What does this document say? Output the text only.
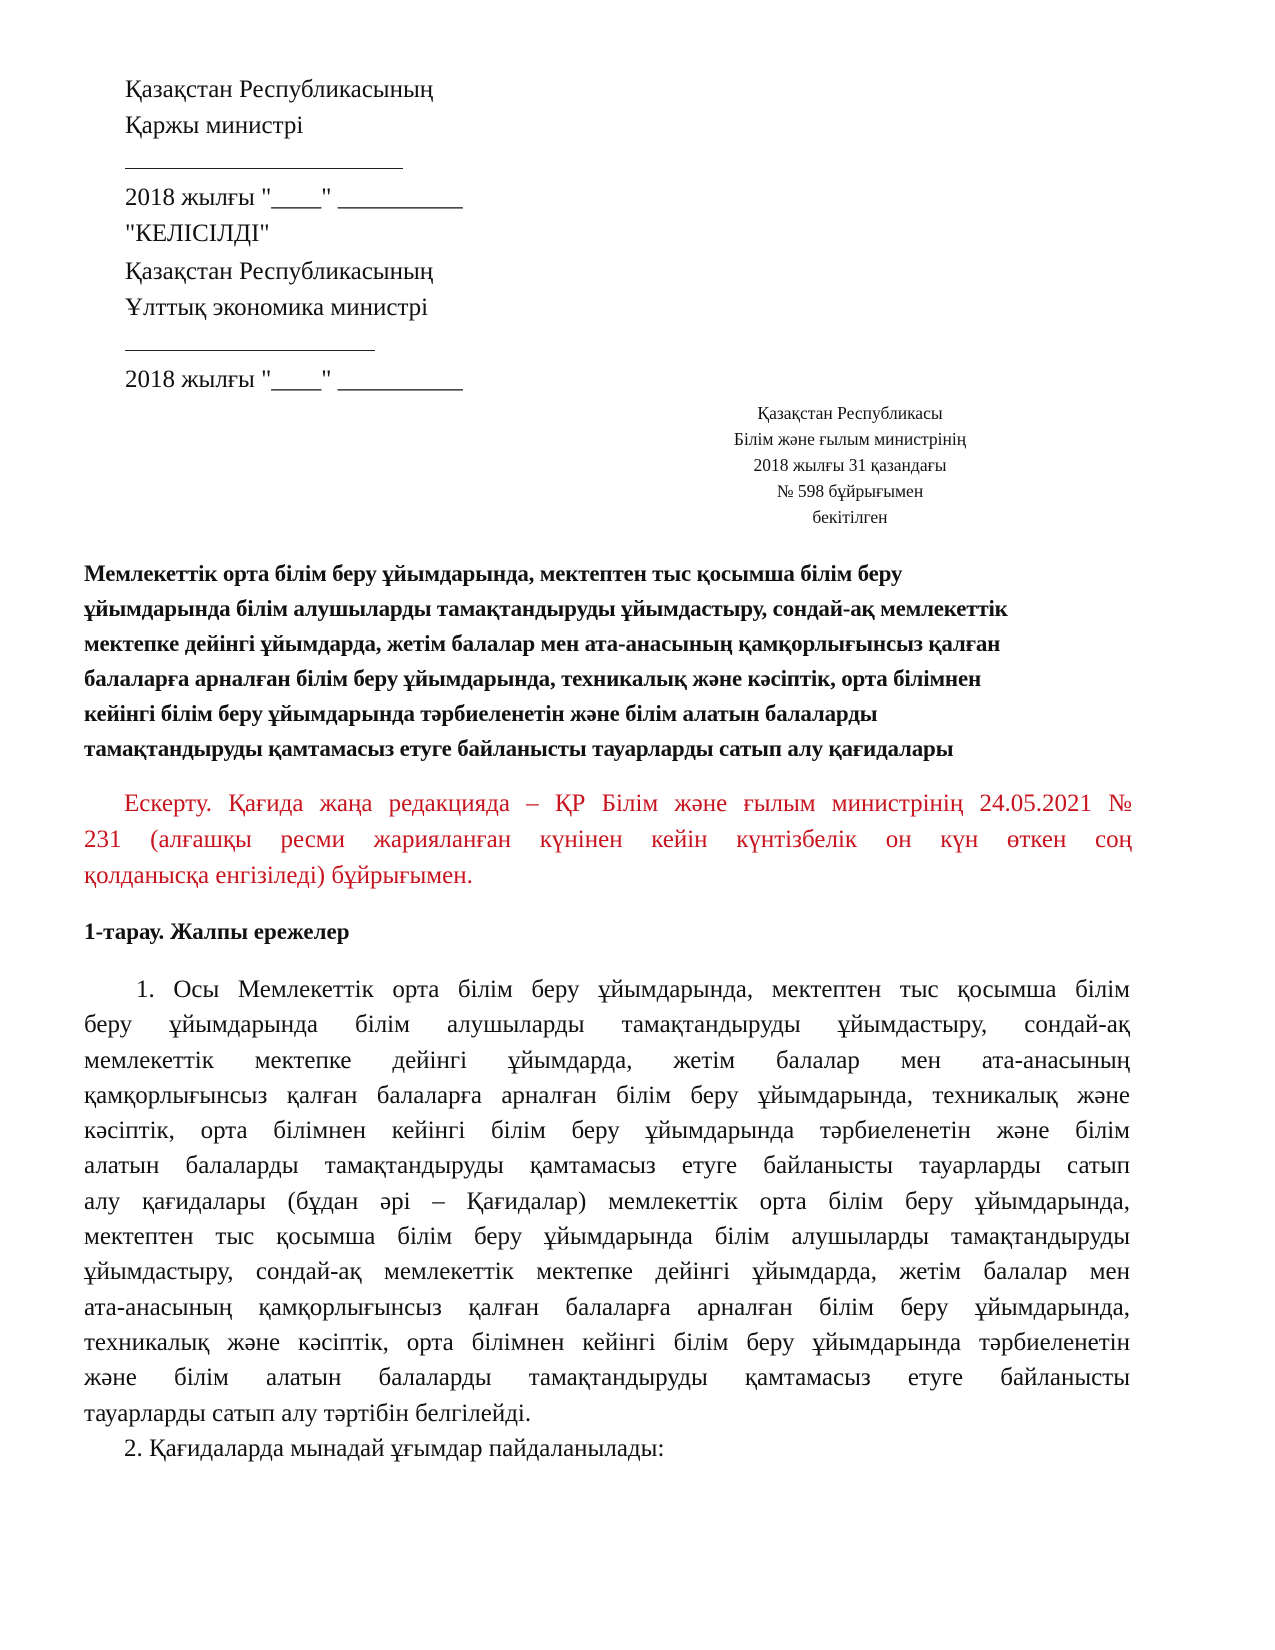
Қазақстан Республикасының
Қаржы министрі
2018 жылғы "____" __________
"КЕЛІСІЛДІ"
Қазақстан Республикасының
Ұлттық экономика министрі
2018 жылғы "____" __________
Қазақстан Республикасы
Білім және ғылым министрінің
2018 жылғы 31 қазандағы
№ 598 бұйрығымен
бекітілген
Мемлекеттік орта білім беру ұйымдарында, мектептен тыс қосымша білім беру
ұйымдарында білім алушыларды тамақтандыруды ұйымдастыру, сондай-ақ мемлекеттік
мектепке дейінгі ұйымдарда, жетім балалар мен ата-анасының қамқорлығынсыз қалған
балаларға арналған білім беру ұйымдарында, техникалық және кәсіптік, орта білімнен
кейінгі білім беру ұйымдарында тәрбиеленетін және білім алатын балаларды
тамақтандыруды қамтамасыз етуге байланысты тауарларды сатып алу қағидалары
Ескерту. Қағида жаңа редакцияда – ҚР Білім және ғылым министрінің 24.05.2021 №
231 (алғашқы ресми жарияланған күнінен кейін күнтізбелік он күн өткен соң
қолданысқа енгізіледі) бұйрығымен.
1-тарау. Жалпы ережелер
1. Осы Мемлекеттік орта білім беру ұйымдарында, мектептен тыс қосымша білім
беру ұйымдарында білім алушыларды тамақтандыруды ұйымдастыру, сондай-ақ
мемлекеттік мектепке дейінгі ұйымдарда, жетім балалар мен ата-анасының
қамқорлығынсыз қалған балаларға арналған білім беру ұйымдарында, техникалық және
кәсіптік, орта білімнен кейінгі білім беру ұйымдарында тәрбиеленетін және білім
алатын балаларды тамақтандыруды қамтамасыз етуге байланысты тауарларды сатып
алу қағидалары (бұдан әрі – Қағидалар) мемлекеттік орта білім беру ұйымдарында,
мектептен тыс қосымша білім беру ұйымдарында білім алушыларды тамақтандыруды
ұйымдастыру, сондай-ақ мемлекеттік мектепке дейінгі ұйымдарда, жетім балалар мен
ата-анасының қамқорлығынсыз қалған балаларға арналған білім беру ұйымдарында,
техникалық және кәсіптік, орта білімнен кейінгі білім беру ұйымдарында тәрбиеленетін
және білім алатын балаларды тамақтандыруды қамтамасыз етуге байланысты
тауарларды сатып алу тәртібін белгілейді.
2. Қағидаларда мынадай ұғымдар пайдаланылады:
